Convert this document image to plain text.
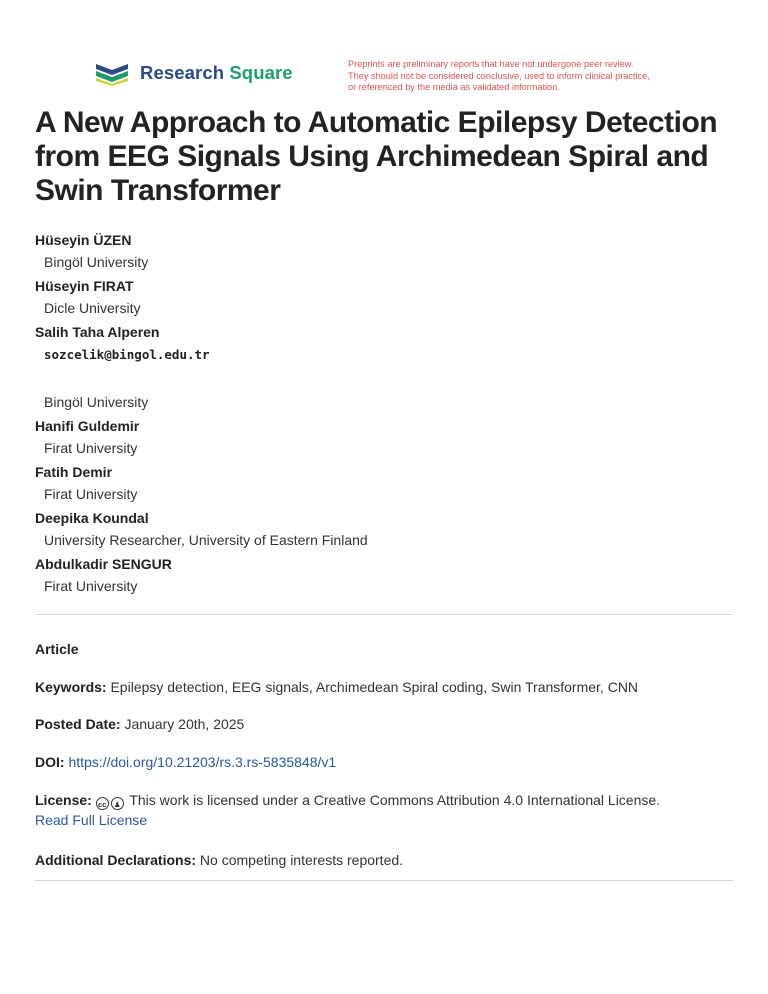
Research Square	Preprints are preliminary reports that have not undergone peer review.
They should not be considered conclusive, used to inform clinical practice,
or referenced by the media as validated information.
A New Approach to Automatic Epilepsy Detection from EEG Signals Using Archimedean Spiral and Swin Transformer
Hüseyin ÜZEN
Bingöl University
Hüseyin FIRAT
Dicle University
Salih Taha Alperen
sozcelik@bingol.edu.tr
Bingöl University
Hanifi Guldemir
Firat University
Fatih Demir
Firat University
Deepika Koundal
University Researcher, University of Eastern Finland
Abdulkadir SENGUR
Firat University
Article
Keywords: Epilepsy detection, EEG signals, Archimedean Spiral coding, Swin Transformer, CNN
Posted Date: January 20th, 2025
DOI: https://doi.org/10.21203/rs.3.rs-5835848/v1
License: cc ♟ This work is licensed under a Creative Commons Attribution 4.0 International License.
Read Full License
Additional Declarations: No competing interests reported.
